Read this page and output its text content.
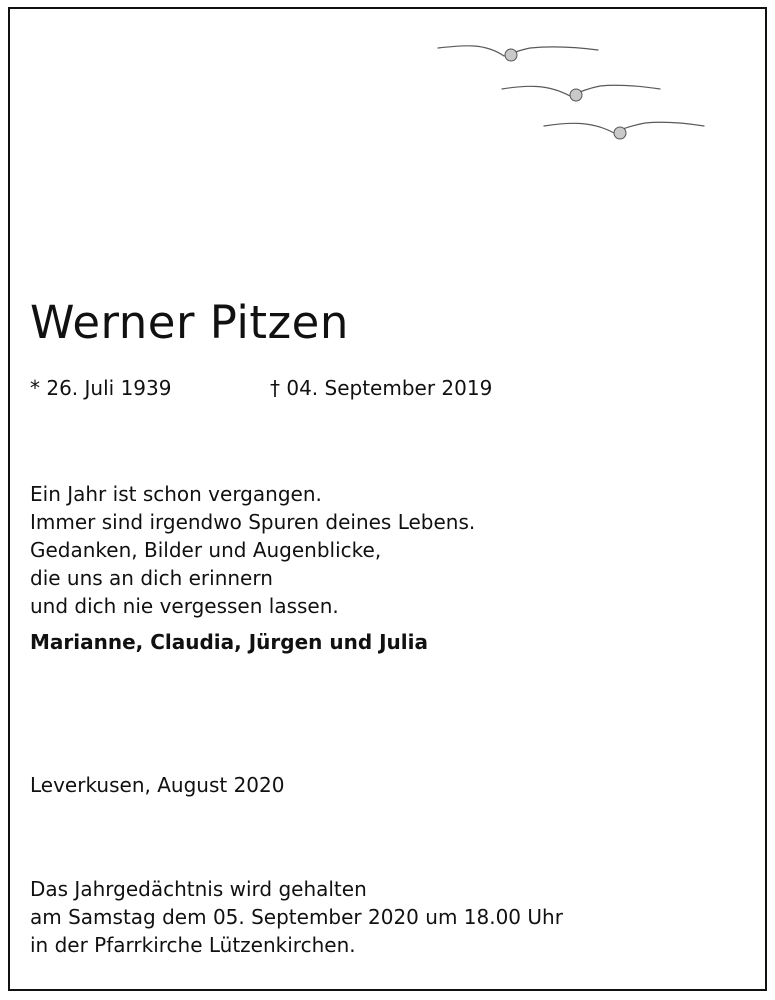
Werner Pitzen
* 26. Juli 1939	† 04. September 2019
Ein Jahr ist schon vergangen.
Immer sind irgendwo Spuren deines Lebens.
Gedanken, Bilder und Augenblicke,
die uns an dich erinnern
und dich nie vergessen lassen.
Marianne, Claudia, Jürgen und Julia
Leverkusen, August 2020
Das Jahrgedächtnis wird gehalten
am Samstag dem 05. September 2020 um 18.00 Uhr
in der Pfarrkirche Lützenkirchen.
